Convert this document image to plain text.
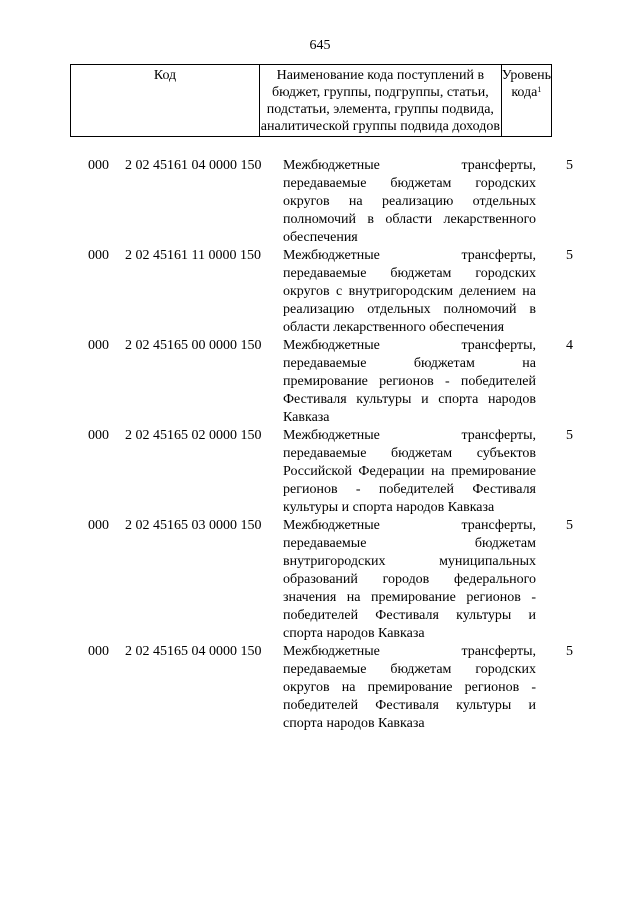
645
Код	Наименование кода поступлений в бюджет, группы, подгруппы, статьи, подстатьи, элемента, группы подвида, аналитической группы подвида доходов
Уровень кода$^1$
000 2 02 45161 04 0000 150 Межбюджетные трансферты, передаваемые бюджетам городских округов на реализацию отдельных полномочий в области лекарственного обеспечения
5
000 2 02 45161 11 0000 150 Межбюджетные трансферты, передаваемые бюджетам городских округов с внутригородским делением на реализацию отдельных полномочий в области лекарственного обеспечения
5
000 2 02 45165 00 0000 150 Межбюджетные трансферты, передаваемые бюджетам на премирование регионов - победителей Фестиваля культуры и спорта народов Кавказа
4
000 2 02 45165 02 0000 150 Межбюджетные трансферты, передаваемые бюджетам субъектов Российской Федерации на премирование регионов - победителей Фестиваля культуры и спорта народов Кавказа
5
000 2 02 45165 03 0000 150 Межбюджетные трансферты, передаваемые бюджетам внутригородских муниципальных образований городов федерального значения на премирование регионов - победителей Фестиваля культуры и спорта народов Кавказа
5
000 2 02 45165 04 0000 150 Межбюджетные трансферты, передаваемые бюджетам городских округов на премирование регионов - победителей Фестиваля культуры и спорта народов Кавказа
5
